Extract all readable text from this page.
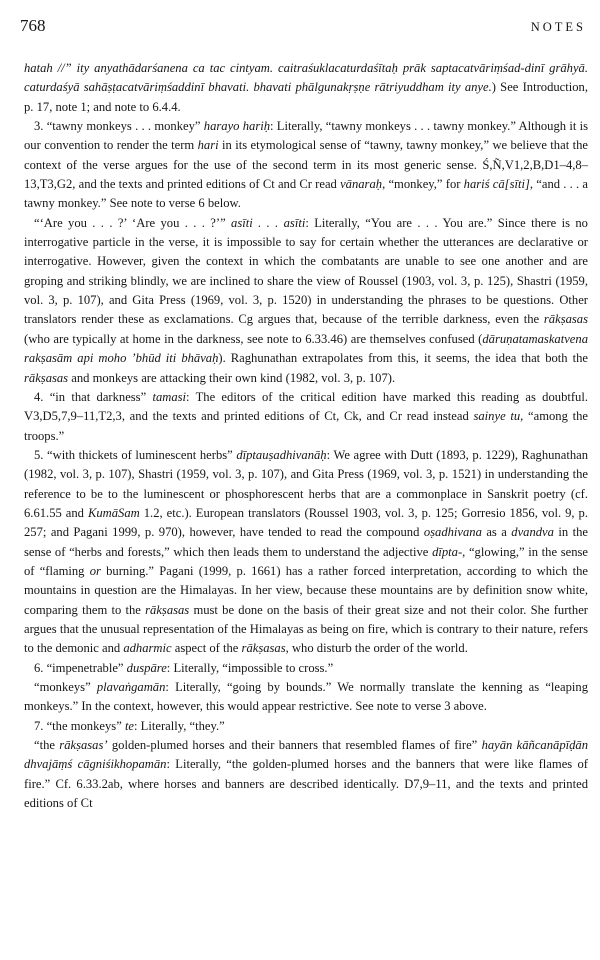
768	NOTES

hatah //” ity anyathādarśanena ca tac cintyam. caitraśuklacaturdaśītaḥ prāk saptacatvāriṃśad-dinī grāhyā. caturdaśyā sahāṣṭacatvāriṃśaddinī bhavati. bhavati phālgunakṛṣṇe rātriyuddham ity anye.) See Introduction, p. 17, note 1; and note to 6.4.4.

3. “tawny monkeys . . . monkey” harayo hariḥ: Literally, “tawny monkeys . . . tawny monkey.” Although it is our convention to render the term hari in its etymological sense of “tawny, tawny monkey,” we believe that the context of the verse argues for the use of the second term in its most generic sense. Ś,Ñ,V1,2,B,D1–4,8–13,T3,G2, and the texts and printed editions of Ct and Cr read vānaraḥ, “monkey,” for hariś cā[sīti], “and . . . a tawny monkey.” See note to verse 6 below.

“‘Are you . . . ?’ ‘Are you . . . ?’” asīti . . . asīti: Literally, “You are . . . You are.” Since there is no interrogative particle in the verse, it is impossible to say for certain whether the utterances are declarative or interrogative. However, given the context in which the combatants are unable to see one another and are groping and striking blindly, we are inclined to share the view of Roussel (1903, vol. 3, p. 125), Shastri (1959, vol. 3, p. 107), and Gita Press (1969, vol. 3, p. 1520) in understanding the phrases to be questions. Other translators render these as exclamations. Cg argues that, because of the terrible darkness, even the rākṣasas (who are typically at home in the darkness, see note to 6.33.46) are themselves confused (dāruṇatamaskatvena rakṣasām api moho ’bhūd iti bhāvaḥ). Raghunathan extrapolates from this, it seems, the idea that both the rākṣasas and monkeys are attacking their own kind (1982, vol. 3, p. 107).

4. “in that darkness” tamasi: The editors of the critical edition have marked this reading as doubtful. V3,D5,7,9–11,T2,3, and the texts and printed editions of Ct, Ck, and Cr read instead sainye tu, “among the troops.”

5. “with thickets of luminescent herbs” dīptauṣadhivanāḥ: We agree with Dutt (1893, p. 1229), Raghunathan (1982, vol. 3, p. 107), Shastri (1959, vol. 3, p. 107), and Gita Press (1969, vol. 3, p. 1521) in understanding the reference to be to the luminescent or phosphorescent herbs that are a commonplace in Sanskrit poetry (cf. 6.61.55 and KumāSam 1.2, etc.). European translators (Roussel 1903, vol. 3, p. 125; Gorresio 1856, vol. 9, p. 257; and Pagani 1999, p. 970), however, have tended to read the compound oṣadhivana as a dvandva in the sense of “herbs and forests,” which then leads them to understand the adjective dīpta-, “glowing,” in the sense of “flaming or burning.” Pagani (1999, p. 1661) has a rather forced interpretation, according to which the mountains in question are the Himalayas. In her view, because these mountains are by definition snow white, comparing them to the rākṣasas must be done on the basis of their great size and not their color. She further argues that the unusual representation of the Himalayas as being on fire, which is contrary to their nature, refers to the demonic and adharmic aspect of the rākṣasas, who disturb the order of the world.

6. “impenetrable” duspāre: Literally, “impossible to cross.”

“monkeys” plavaṅgamān: Literally, “going by bounds.” We normally translate the kenning as “leaping monkeys.” In the context, however, this would appear restrictive. See note to verse 3 above.

7. “the monkeys” te: Literally, “they.”

“the rākṣasas’ golden-plumed horses and their banners that resembled flames of fire” hayān kāñcanāpīḍān dhvajāṃś cāgniśikhopamān: Literally, “the golden-plumed horses and the banners that were like flames of fire.” Cf. 6.33.2ab, where horses and banners are described identically. D7,9–11, and the texts and printed editions of Ct
